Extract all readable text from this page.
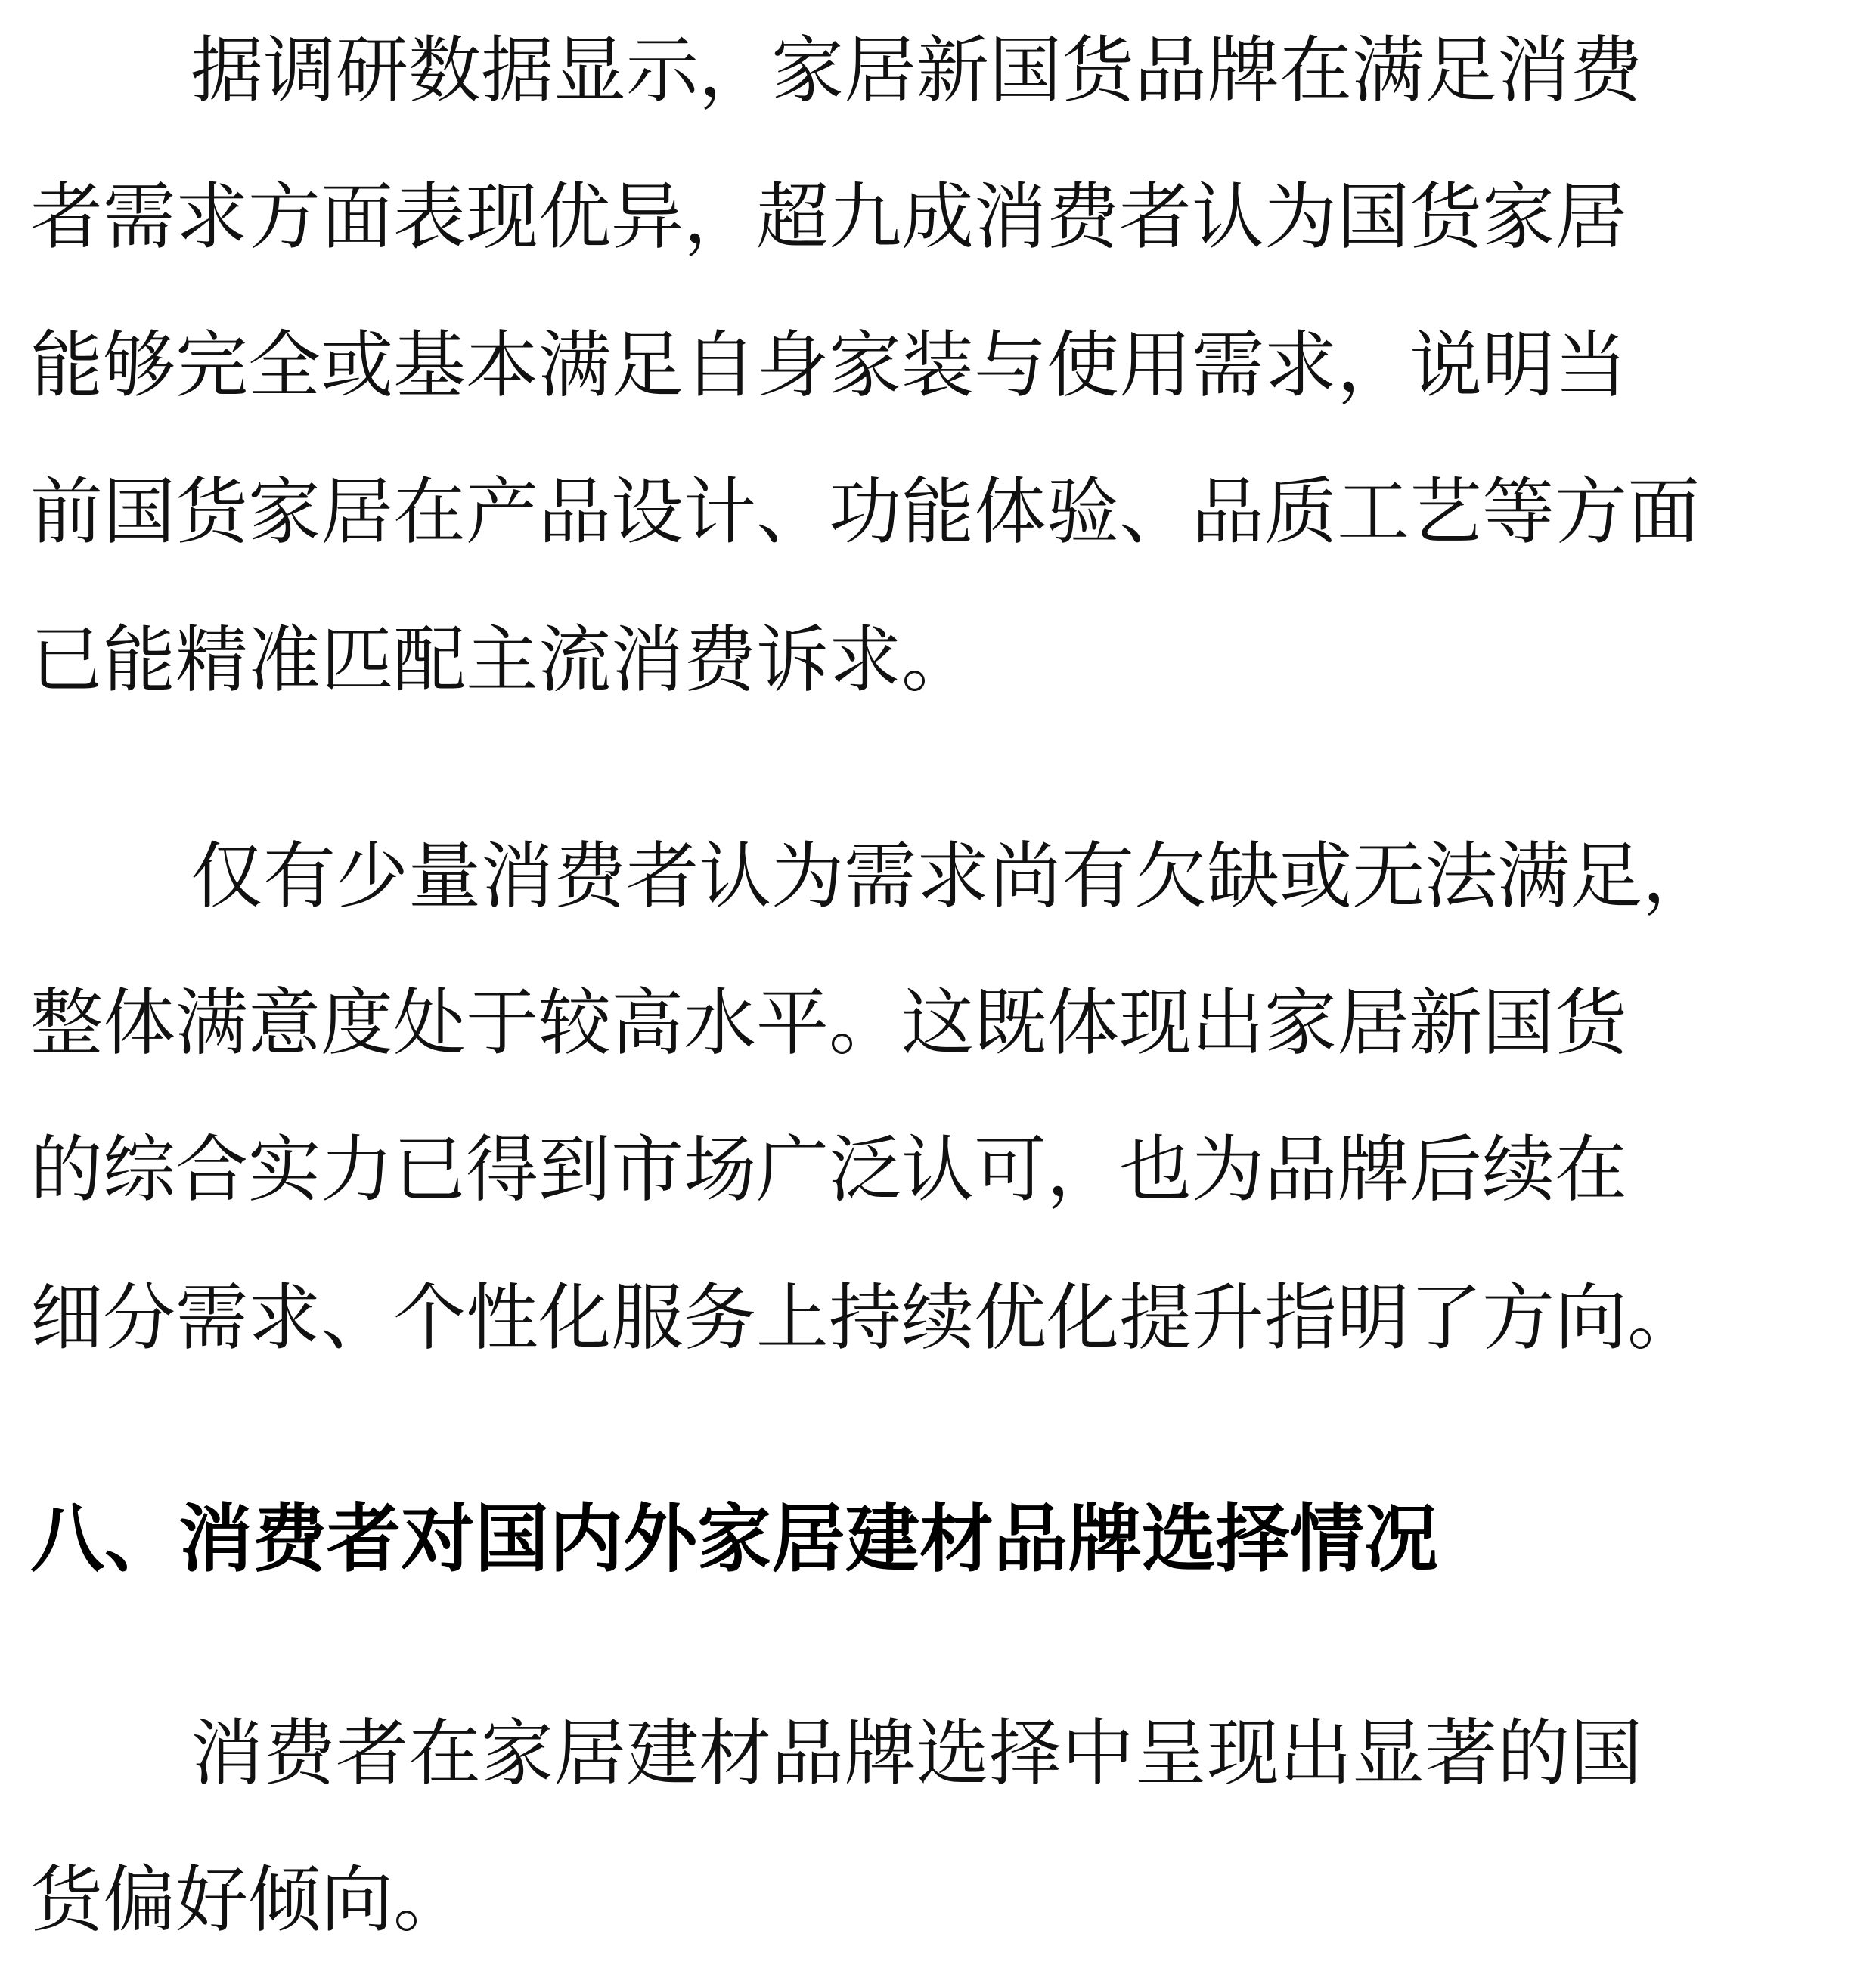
据调研数据显示，家居新国货品牌在满足消费
者需求方面表现优异，超九成消费者认为国货家居
能够完全或基本满足自身家装与使用需求，说明当
前国货家居在产品设计、功能体验、品质工艺等方面
已能精准匹配主流消费诉求。
仅有少量消费者认为需求尚有欠缺或无法满足，
整体满意度处于较高水平。这既体现出家居新国货
的综合实力已得到市场广泛认可，也为品牌后续在
细分需求、个性化服务上持续优化提升指明了方向。
八、消费者对国内外家居建材品牌选择情况
消费者在家居建材品牌选择中呈现出显著的国
货偏好倾向。
